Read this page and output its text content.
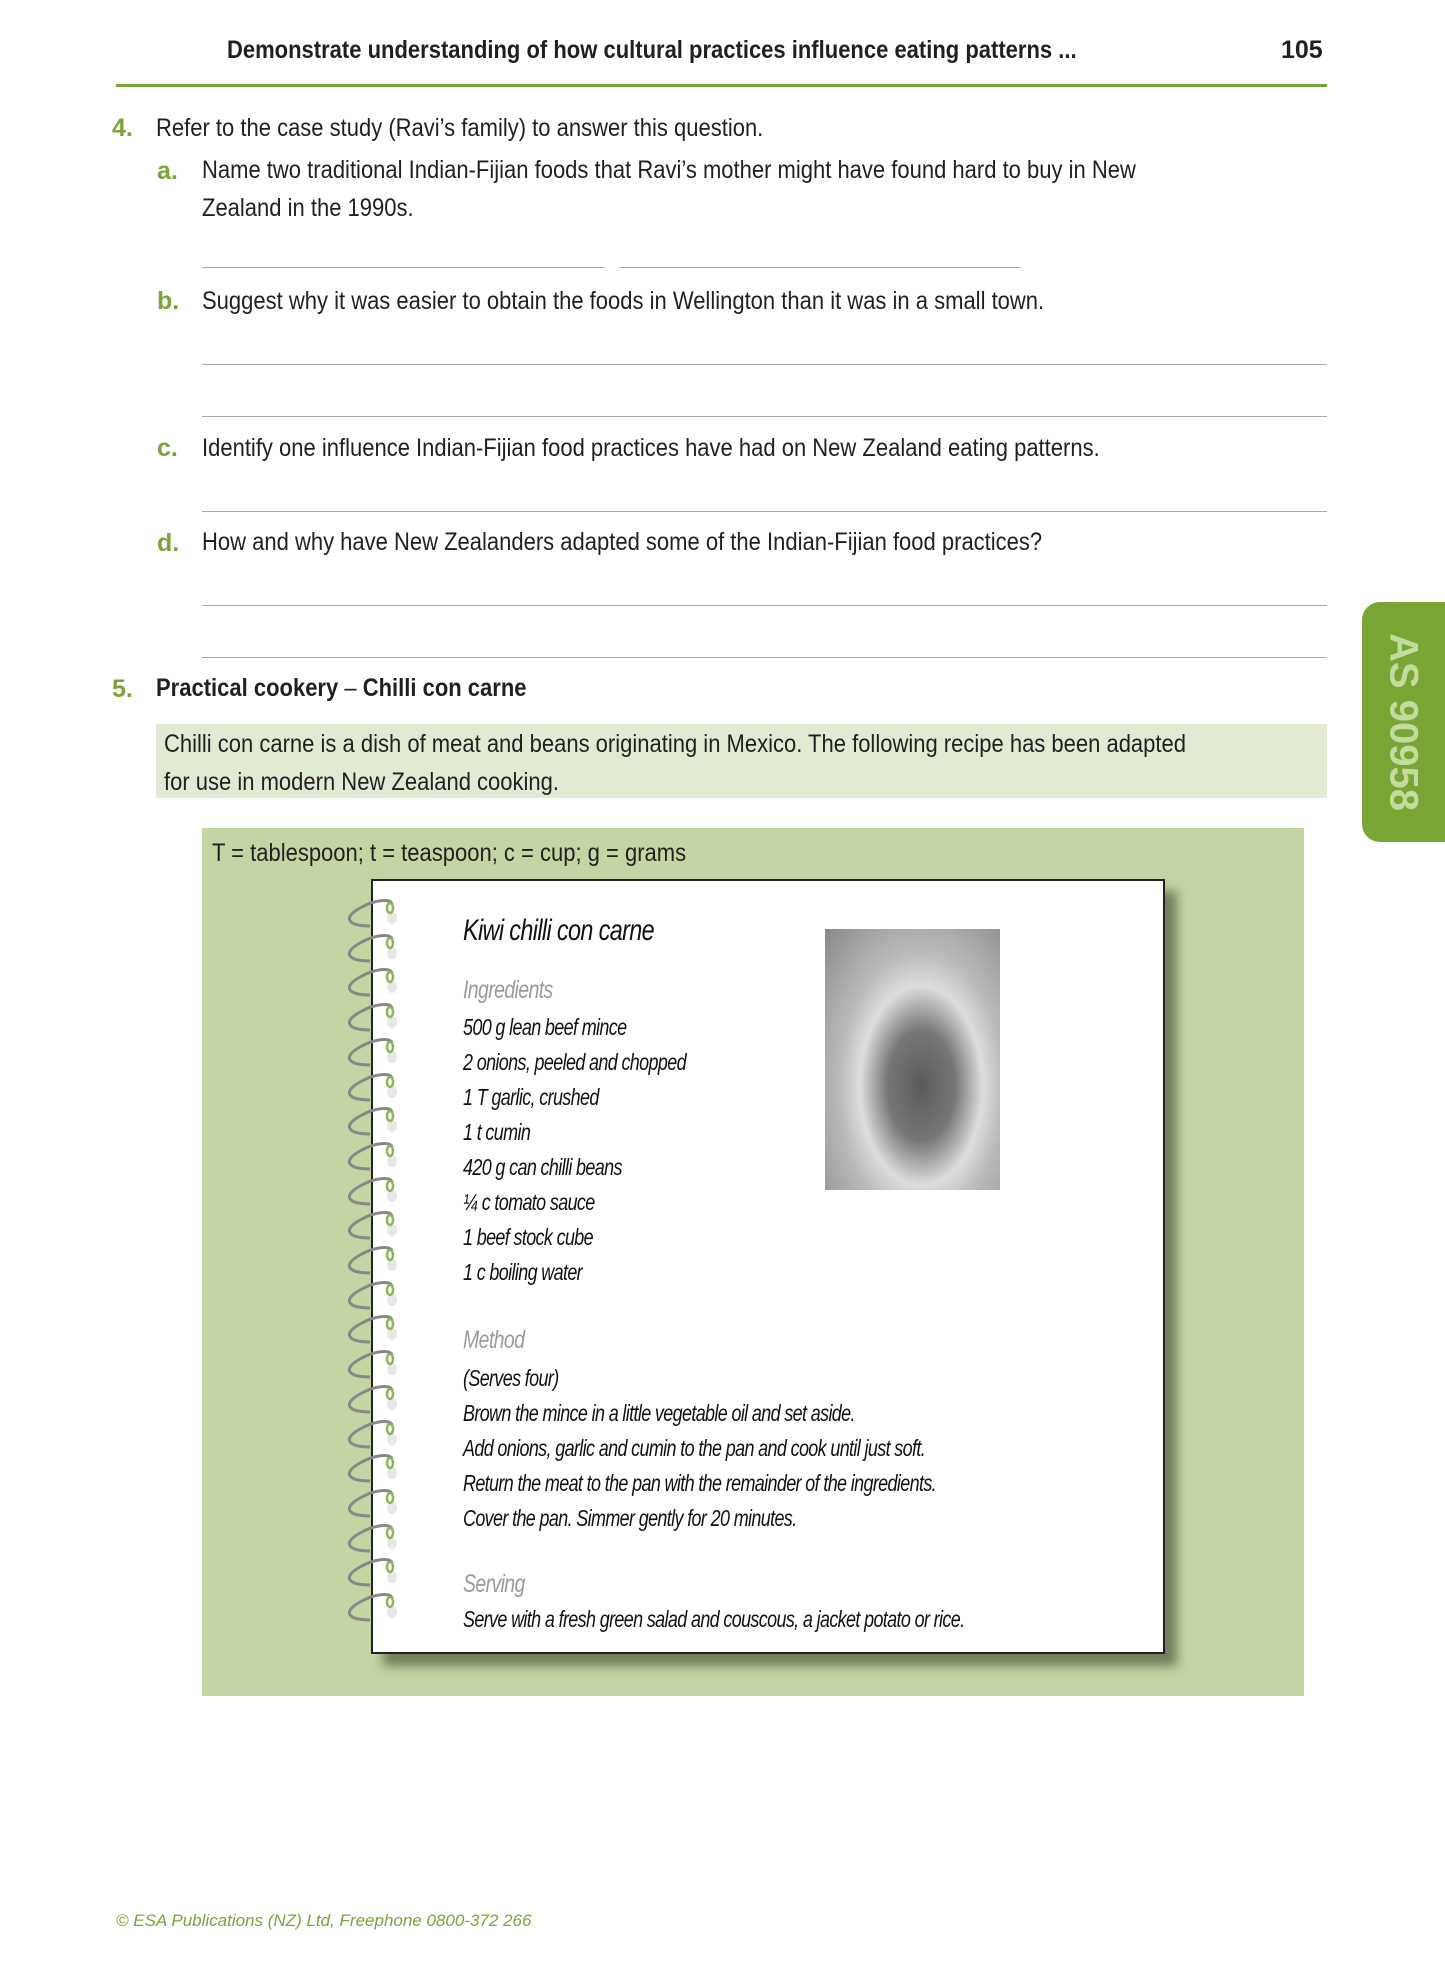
Demonstrate understanding of how cultural practices influence eating patterns ...	105
4. Refer to the case study (Ravi’s family) to answer this question.
a. Name two traditional Indian-Fijian foods that Ravi’s mother might have found hard to buy in New
Zealand in the 1990s.
b. Suggest why it was easier to obtain the foods in Wellington than it was in a small town.
c. Identify one influence Indian-Fijian food practices have had on New Zealand eating patterns.
d. How and why have New Zealanders adapted some of the Indian-Fijian food practices?
5. Practical cookery – Chilli con carne
Chilli con carne is a dish of meat and beans originating in Mexico. The following recipe has been adapted
for use in modern New Zealand cooking.
T = tablespoon; t = teaspoon; c = cup; g = grams
Kiwi chilli con carne
Ingredients
500 g lean beef mince
2 onions, peeled and chopped
1 T garlic, crushed
1 t cumin
420 g can chilli beans
¼ c tomato sauce
1 beef stock cube
1 c boiling water
Method
(Serves four)
Brown the mince in a little vegetable oil and set aside.
Add onions, garlic and cumin to the pan and cook until just soft.
Return the meat to the pan with the remainder of the ingredients.
Cover the pan. Simmer gently for 20 minutes.
Serving
Serve with a fresh green salad and couscous, a jacket potato or rice.
AS 90958
© ESA Publications (NZ) Ltd, Freephone 0800-372 266
